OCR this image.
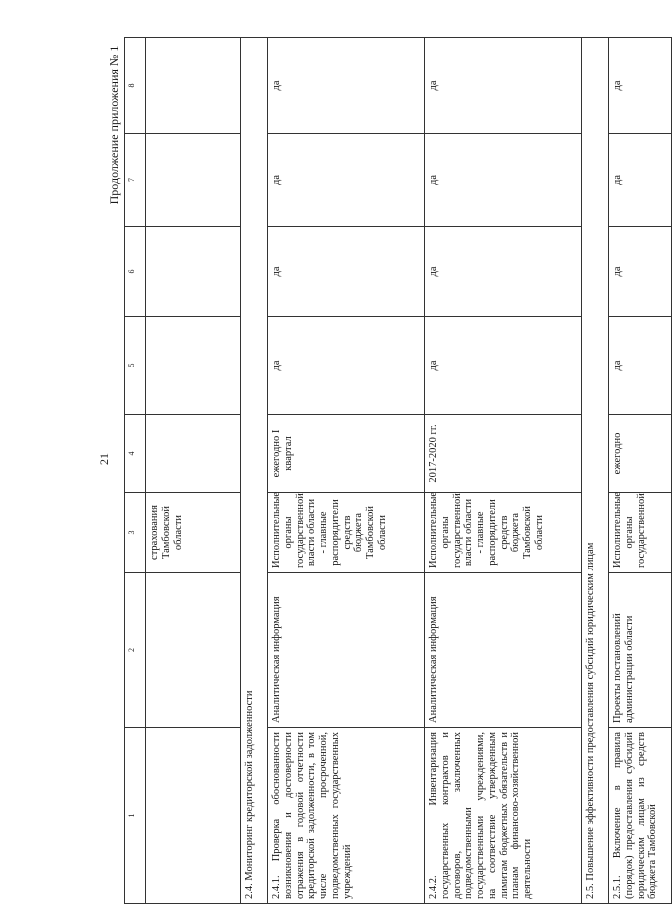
21
Продолжение приложения № 1
1	2	3	4	5	6	7	8
		страхования Тамбовской области					
2.4. Мониторинг кредиторской задолженности							
2.4.1. Проверка обоснованности возникновения и достоверности отражения в годовой отчетности кредиторской задолженности, в том числе просроченной, подведомственных государственных учреждений	Аналитическая информация	Исполнительные органы государственной власти области - главные распорядители средств бюджета Тамбовской области	ежегодно I квартал	да	да	да	да
2.4.2. Инвентаризация государственных контрактов и договоров, заключенных подведомственными государственными учреждениями, на соответствие утвержденным лимитам бюджетных обязательств и планам финансово-хозяйственной деятельности	Аналитическая информация	Исполнительные органы государственной власти области - главные распорядители средств бюджета Тамбовской области	2017-2020 гг.	да	да	да	да
2.5. Повышение эффективности предоставления субсидий юридическим лицам							
2.5.1. Включение в правила (порядок) предоставления субсидий юридическим лицам из средств бюджета Тамбовской	Проекты постановлений администрации области	Исполнительные органы государственной	ежегодно	да	да	да	да
